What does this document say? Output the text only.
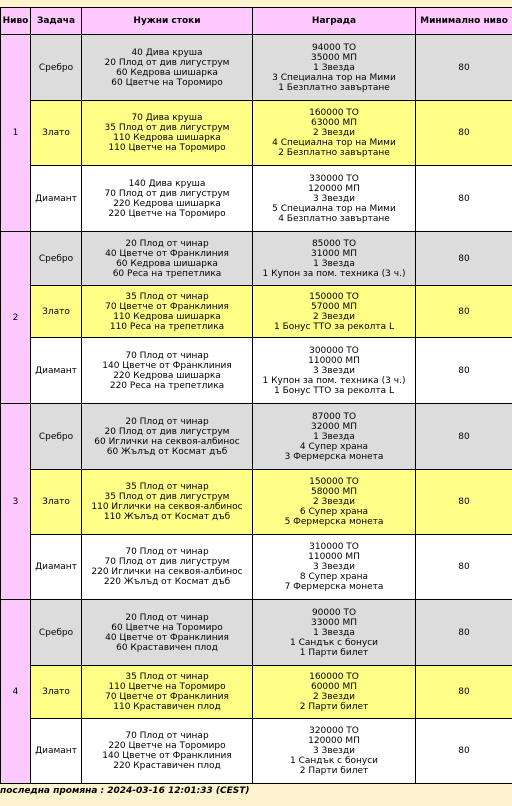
Ниво	Задача	Нужни стоки	Награда	Минимално ниво
1	Сребро	40 Дива круша
20 Плод от див лигуструм
60 Кедрова шишарка
60 Цветче на Торомиро	94000 ТО
35000 МП
1 Звезда
3 Специална тор на Мими
1 Безплатно завъртане	80
	Злато	70 Дива круша
35 Плод от див лигуструм
110 Кедрова шишарка
110 Цветче на Торомиро	160000 ТО
63000 МП
2 Звезди
4 Специална тор на Мими
2 Безплатно завъртане	80
	Диамант	140 Дива круша
70 Плод от див лигуструм
220 Кедрова шишарка
220 Цветче на Торомиро	330000 ТО
120000 МП
3 Звезди
5 Специална тор на Мими
4 Безплатно завъртане	80
2	Сребро	20 Плод от чинар
40 Цветче от Франклиния
60 Кедрова шишарка
60 Реса на трепетлика	85000 ТО
31000 МП
1 Звезда
1 Купон за пом. техника (3 ч.)	80
	Злато	35 Плод от чинар
70 Цветче от Франклиния
110 Кедрова шишарка
110 Реса на трепетлика	150000 ТО
57000 МП
2 Звезди
1 Бонус ТТО за реколта L	80
	Диамант	70 Плод от чинар
140 Цветче от Франклиния
220 Кедрова шишарка
220 Реса на трепетлика	300000 ТО
110000 МП
3 Звезди
1 Купон за пом. техника (3 ч.)
1 Бонус ТТО за реколта L	80
3	Сребро	20 Плод от чинар
20 Плод от див лигуструм
60 Иглички на секвоя-албинос
60 Жълъд от Космат дъб	87000 ТО
32000 МП
1 Звезда
4 Супер храна
3 Фермерска монета	80
	Злато	35 Плод от чинар
35 Плод от див лигуструм
110 Иглички на секвоя-албинос
110 Жълъд от Космат дъб	150000 ТО
58000 МП
2 Звезди
6 Супер храна
5 Фермерска монета	80
	Диамант	70 Плод от чинар
70 Плод от див лигуструм
220 Иглички на секвоя-албинос
220 Жълъд от Космат дъб	310000 ТО
110000 МП
3 Звезди
8 Супер храна
7 Фермерска монета	80
4	Сребро	20 Плод от чинар
60 Цветче на Торомиро
40 Цветче от Франклиния
60 Краставичен плод	90000 ТО
33000 МП
1 Звезда
1 Сандък с бонуси
1 Парти билет	80
	Злато	35 Плод от чинар
110 Цветче на Торомиро
70 Цветче от Франклиния
110 Краставичен плод	160000 ТО
60000 МП
2 Звезди
2 Парти билет	80
	Диамант	70 Плод от чинар
220 Цветче на Торомиро
140 Цветче от Франклиния
220 Краставичен плод	320000 ТО
120000 МП
3 Звезди
1 Сандък с бонуси
2 Парти билет	80
последна промяна : 2024-03-16 12:01:33 (CEST)
